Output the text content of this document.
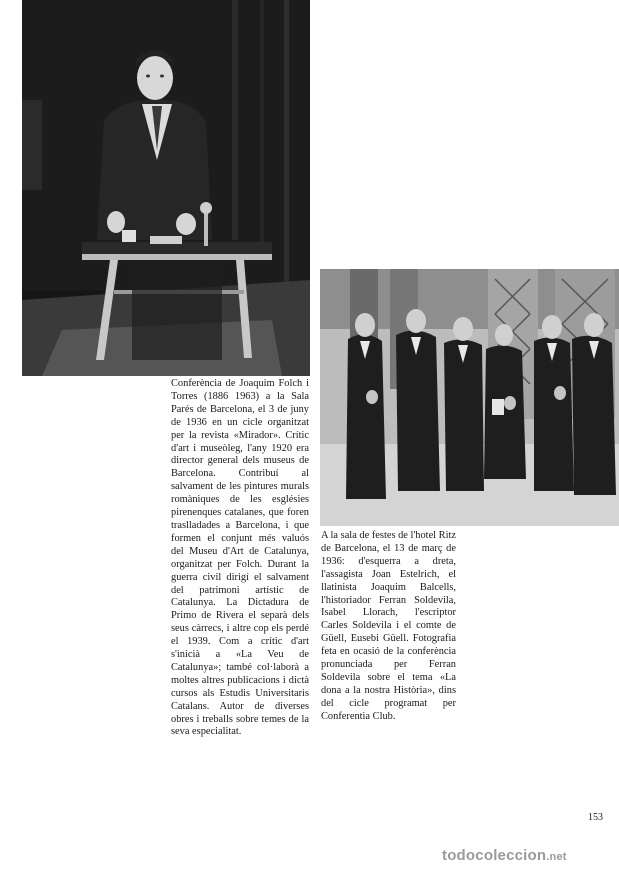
Conferència de Joaquim Folch i Torres (1886 1963) a la Sala Parés de Barcelona, el 3 de juny de 1936 en un cicle organitzat per la revista «Mirador». Crític d'art i museòleg, l'any 1920 era director general dels museus de Barcelona. Contribuí al salvament de les pintures murals romàniques de les esglésies pirenenques catalanes, que foren traslladades a Barcelona, i que formen el conjunt més valuós del Museu d'Art de Catalunya, organitzat per Folch. Durant la guerra civil dirigí el salvament del patrimoni artístic de Catalunya. La Dictadura de Primo de Rivera el separà dels seus càrrecs, i altre cop els perdé el 1939. Com a crític d'art s'inicià a «La Veu de Catalunya»; també col·laborà a moltes altres publicacions i dictà cursos als Estudis Universitaris Catalans. Autor de diverses obres i treballs sobre temes de la seva especialitat.

A la sala de festes de l'hotel Ritz de Barcelona, el 13 de març de 1936: d'esquerra a dreta, l'assagista Joan Estelrich, el llatinista Joaquim Balcells, l'historiador Ferran Soldevila, Isabel Llorach, l'escriptor Carles Soldevila i el comte de Güell, Eusebi Güell. Fotografia feta en ocasió de la conferència pronunciada per Ferran Soldevila sobre el tema «La dona a la nostra Història», dins del cicle programat per Conferentia Club.

153
todocoleccion.net
